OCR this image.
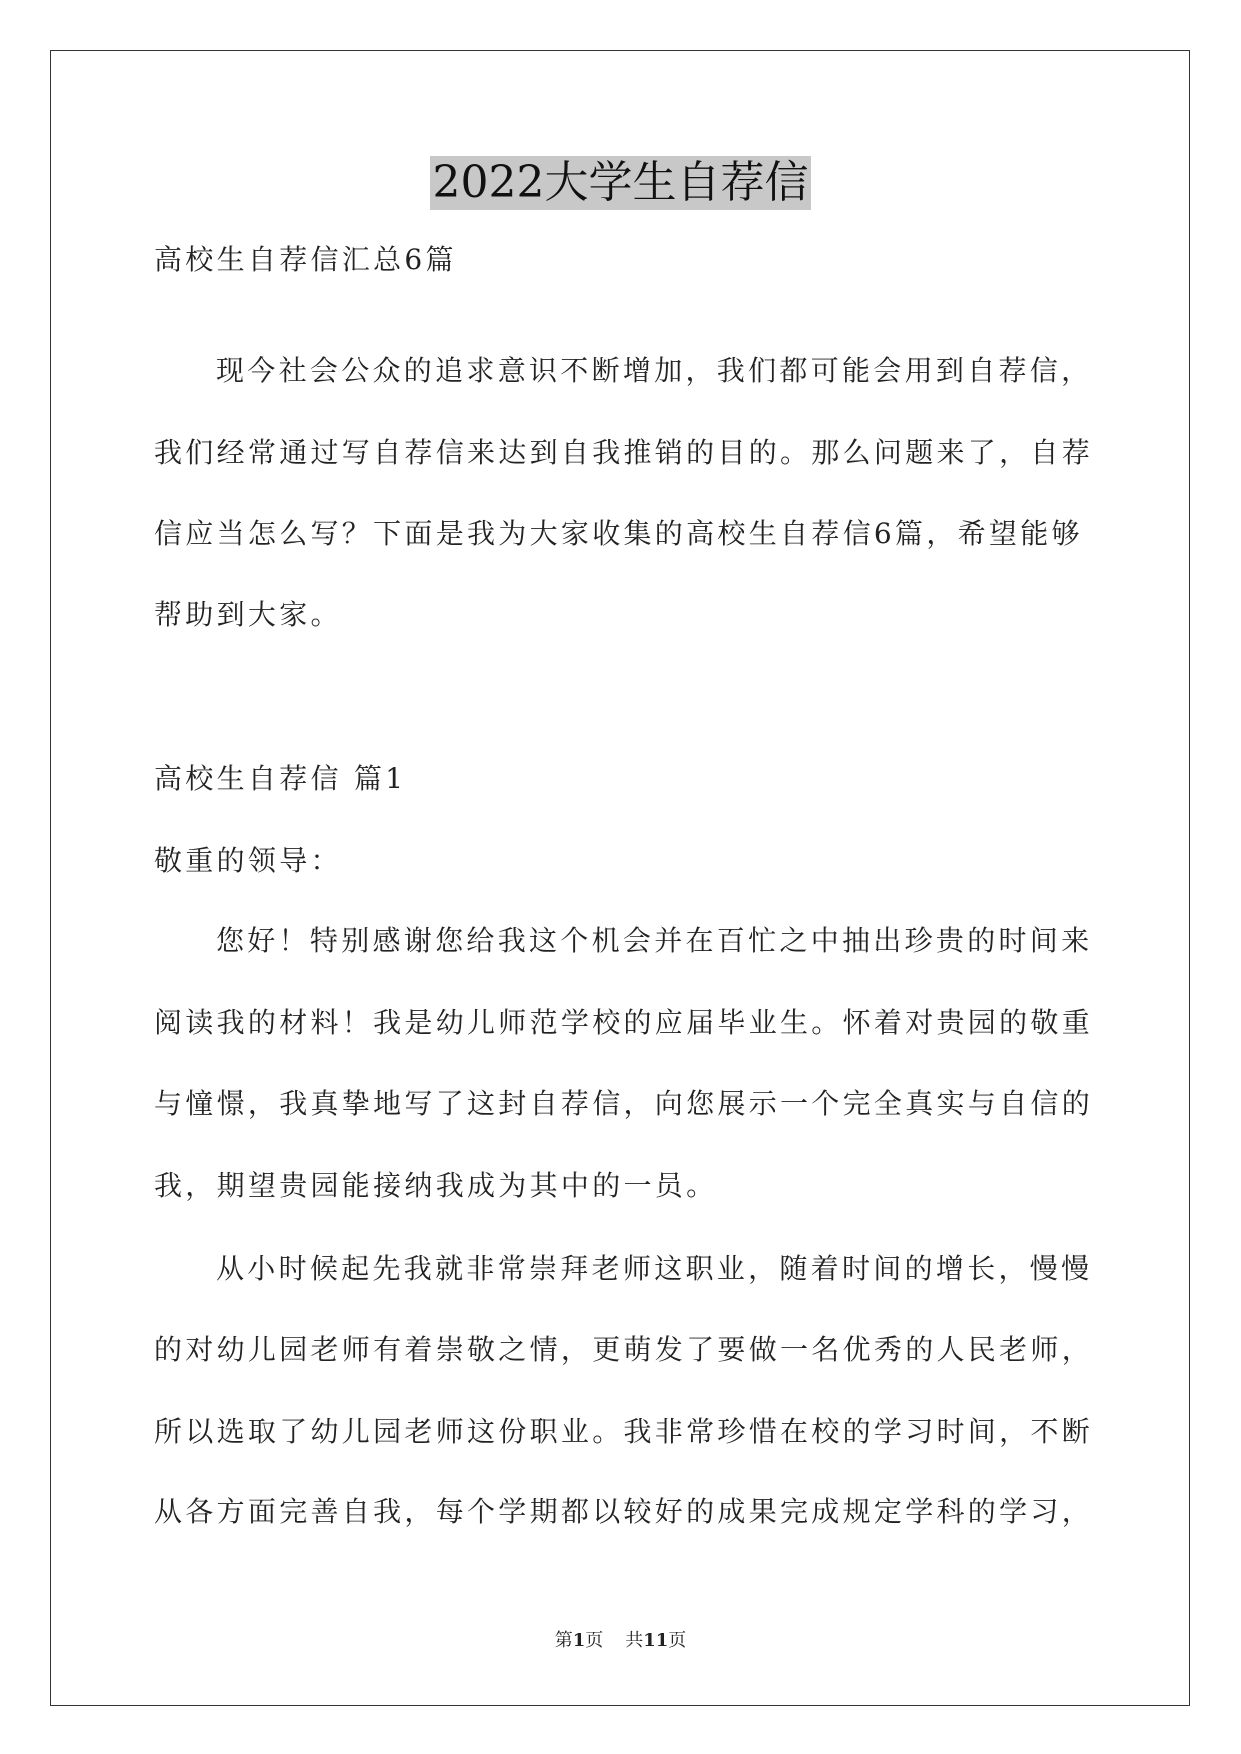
2022大学生自荐信
高校生自荐信汇总6篇
现今社会公众的追求意识不断增加，我们都可能会用到自荐信，
我们经常通过写自荐信来达到自我推销的目的。那么问题来了，自荐
信应当怎么写？下面是我为大家收集的高校生自荐信6篇，希望能够
帮助到大家。
高校生自荐信 篇1
敬重的领导：
您好！特别感谢您给我这个机会并在百忙之中抽出珍贵的时间来
阅读我的材料！我是幼儿师范学校的应届毕业生。怀着对贵园的敬重
与憧憬，我真挚地写了这封自荐信，向您展示一个完全真实与自信的
我，期望贵园能接纳我成为其中的一员。
从小时候起先我就非常崇拜老师这职业，随着时间的增长，慢慢
的对幼儿园老师有着崇敬之情，更萌发了要做一名优秀的人民老师，
所以选取了幼儿园老师这份职业。我非常珍惜在校的学习时间，不断
从各方面完善自我，每个学期都以较好的成果完成规定学科的学习，
第1页 共11页
